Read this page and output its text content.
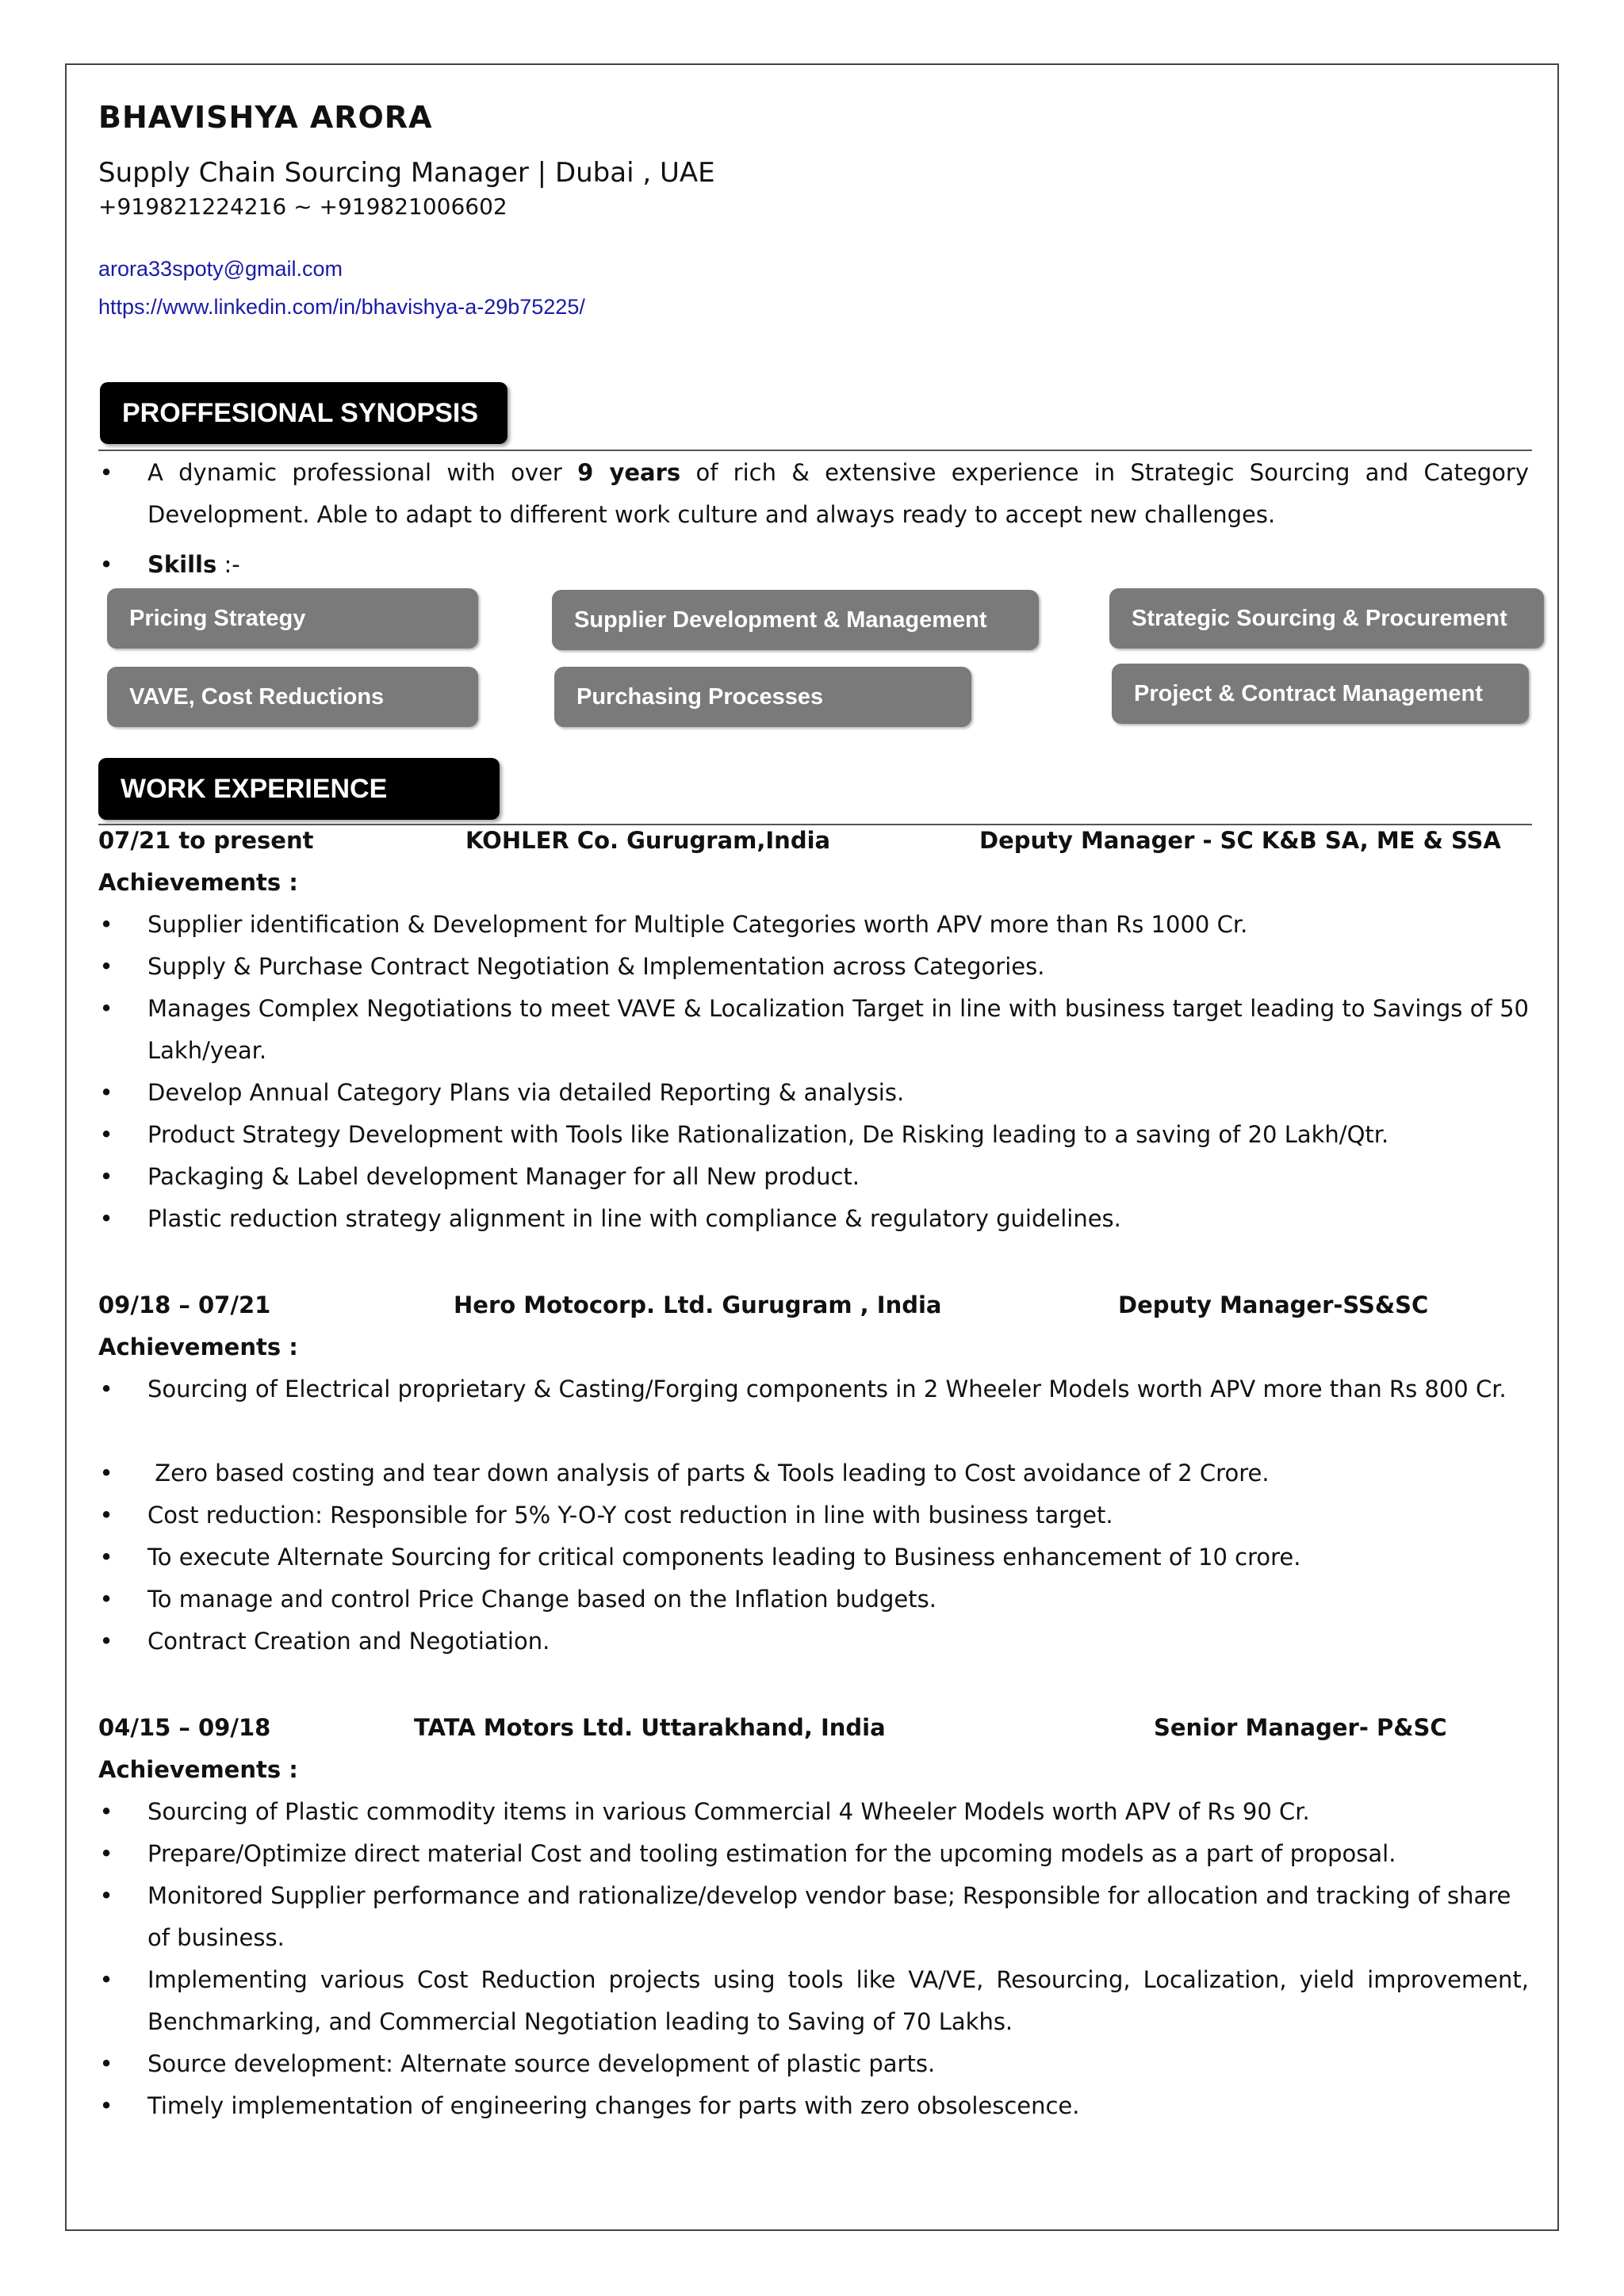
BHAVISHYA ARORA
Supply Chain Sourcing Manager | Dubai , UAE
+919821224216 ~ +919821006602
arora33spoty@gmail.com
https://www.linkedin.com/in/bhavishya-a-29b75225/
PROFFESIONAL SYNOPSIS
• A dynamic professional with over 9 years of rich & extensive experience in Strategic Sourcing and Category Development. Able to adapt to different work culture and always ready to accept new challenges.
• Skills :-
Pricing Strategy	Supplier Development & Management	Strategic Sourcing & Procurement
VAVE, Cost Reductions	Purchasing Processes	Project & Contract Management
WORK EXPERIENCE
07/21 to present	KOHLER Co. Gurugram,India	Deputy Manager - SC K&B SA, ME & SSA
Achievements :
• Supplier identification & Development for Multiple Categories worth APV more than Rs 1000 Cr.
• Supply & Purchase Contract Negotiation & Implementation across Categories.
• Manages Complex Negotiations to meet VAVE & Localization Target in line with business target leading to Savings of 50 Lakh/year.
• Develop Annual Category Plans via detailed Reporting & analysis.
• Product Strategy Development with Tools like Rationalization, De Risking leading to a saving of 20 Lakh/Qtr.
• Packaging & Label development Manager for all New product.
• Plastic reduction strategy alignment in line with compliance & regulatory guidelines.
09/18 – 07/21	Hero Motocorp. Ltd. Gurugram , India	Deputy Manager-SS&SC
Achievements :
• Sourcing of Electrical proprietary & Casting/Forging components in 2 Wheeler Models worth APV more than Rs 800 Cr.
• Zero based costing and tear down analysis of parts & Tools leading to Cost avoidance of 2 Crore.
• Cost reduction: Responsible for 5% Y-O-Y cost reduction in line with business target.
• To execute Alternate Sourcing for critical components leading to Business enhancement of 10 crore.
• To manage and control Price Change based on the Inflation budgets.
• Contract Creation and Negotiation.
04/15 – 09/18	TATA Motors Ltd. Uttarakhand, India	Senior Manager- P&SC
Achievements :
• Sourcing of Plastic commodity items in various Commercial 4 Wheeler Models worth APV of Rs 90 Cr.
• Prepare/Optimize direct material Cost and tooling estimation for the upcoming models as a part of proposal.
• Monitored Supplier performance and rationalize/develop vendor base; Responsible for allocation and tracking of share of business.
• Implementing various Cost Reduction projects using tools like VA/VE, Resourcing, Localization, yield improvement, Benchmarking, and Commercial Negotiation leading to Saving of 70 Lakhs.
• Source development: Alternate source development of plastic parts.
• Timely implementation of engineering changes for parts with zero obsolescence.
